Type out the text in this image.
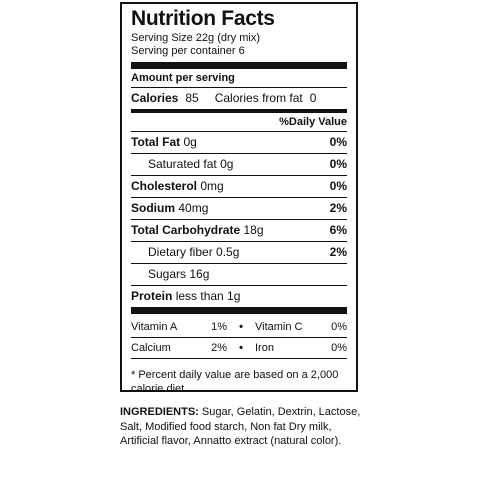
Nutrition Facts
Serving Size 22g (dry mix)
Serving per container 6
Amount per serving
Calories 85 Calories from fat 0
%Daily Value
Total Fat 0g	0%
Saturated fat 0g	0%
Cholesterol 0mg	0%
Sodium 40mg	2%
Total Carbohydrate 18g	6%
Dietary fiber 0.5g	2%
Sugars 16g
Protein less than 1g
Vitamin A	1%	•	Vitamin C	0%
Calcium	2%	•	Iron	0%
* Percent daily value are based on a 2,000 calorie diet.

INGREDIENTS: Sugar, Gelatin, Dextrin, Lactose, Salt, Modified food starch, Non fat Dry milk, Artificial flavor, Annatto extract (natural color).
